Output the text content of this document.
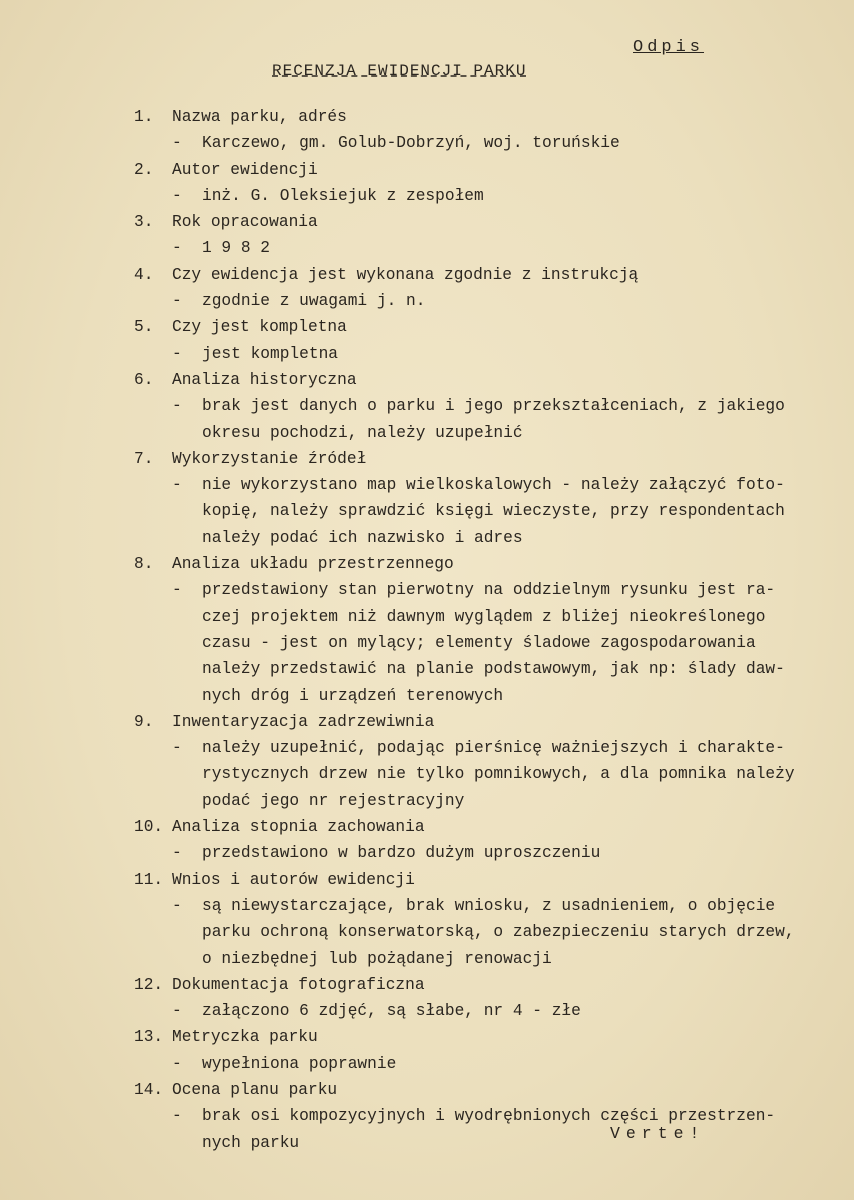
Odpis
RECENZJA EWIDENCJI PARKU
1.	Nazwa parku, adrés
-	Karczewo, gm. Golub-Dobrzyń, woj. toruńskie
2.	Autor ewidencji
-	inż. G. Oleksiejuk z zespołem
3.	Rok opracowania
-	1 9 8 2
4.	Czy ewidencja jest wykonana zgodnie z instrukcją
-	zgodnie z uwagami j. n.
5.	Czy jest kompletna
-	jest kompletna
6.	Analiza historyczna
-	brak jest danych o parku i jego przekształceniach, z jakiego
okresu pochodzi, należy uzupełnić
7.	Wykorzystanie źródeł
-	nie wykorzystano map wielkoskalowych - należy załączyć foto-
kopię, należy sprawdzić księgi wieczyste, przy respondentach
należy podać ich nazwisko i adres
8.	Analiza układu przestrzennego
-	przedstawiony stan pierwotny na oddzielnym rysunku jest ra-
czej projektem niż dawnym wyglądem z bliżej nieokreślonego
czasu - jest on mylący; elementy śladowe zagospodarowania
należy przedstawić na planie podstawowym, jak np: ślady daw-
nych dróg i urządzeń terenowych
9.	Inwentaryzacja zadrzewiwnia
-	należy uzupełnić, podając pierśnicę ważniejszych i charakte-
rystycznych drzew nie tylko pomnikowych, a dla pomnika należy
podać jego nr rejestracyjny
10. Analiza stopnia zachowania
-	przedstawiono w bardzo dużym uproszczeniu
11. Wnios i autorów ewidencji
-	są niewystarczające, brak wniosku, z usadnieniem, o objęcie
parku ochroną konserwatorską, o zabezpieczeniu starych drzew,
o niezbędnej lub pożądanej renowacji
12. Dokumentacja fotograficzna
-	załączono 6 zdjęć, są słabe, nr 4 - złe
13. Metryczka parku
-	wypełniona poprawnie
14. Ocena planu parku
-	brak osi kompozycyjnych i wyodrębnionych części przestrzen-
nych parku	Verte!
